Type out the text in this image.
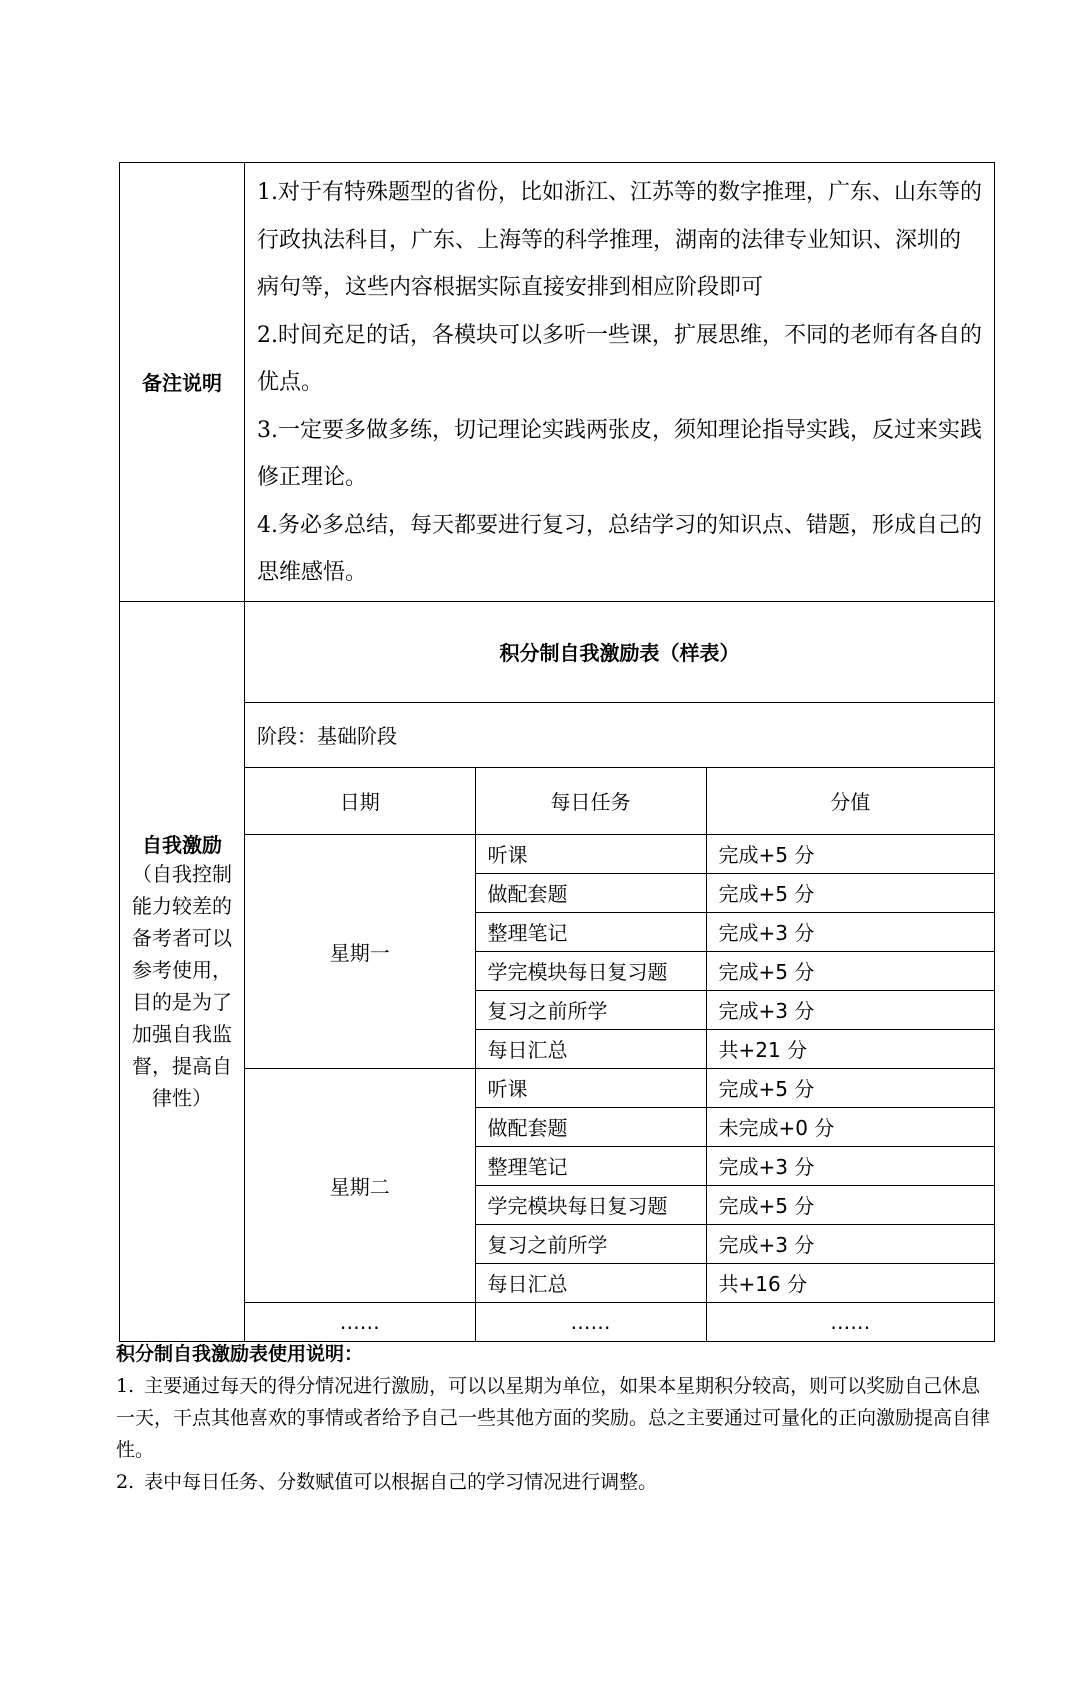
备注说明	

1.对于有特殊题型的省份，比如浙江、江苏等的数字推理，广东、山东等的行政执法科目，广东、上海等的科学推理，湖南的法律专业知识、深圳的病句等，这些内容根据实际直接安排到相应阶段即可

2.时间充足的话，各模块可以多听一些课，扩展思维，不同的老师有各自的优点。

3.一定要多做多练，切记理论实践两张皮，须知理论指导实践，反过来实践修正理论。

4.务必多总结，每天都要进行复习，总结学习的知识点、错题，形成自己的思维感悟。

自我激励
（自我控制能力较差的备考者可以参考使用，目的是为了加强自我监督，提高自律性）

积分制自我激励表（样表）
阶段：基础阶段
日期	每日任务	分值
星期一	听课	完成+5 分
做配套题	完成+5 分
整理笔记	完成+3 分
学完模块每日复习题	完成+5 分
复习之前所学	完成+3 分
每日汇总	共+21 分
星期二	听课	完成+5 分
做配套题	未完成+0 分
整理笔记	完成+3 分
学完模块每日复习题	完成+5 分
复习之前所学	完成+3 分
每日汇总	共+16 分
……	……	……

积分制自我激励表使用说明：

1. 主要通过每天的得分情况进行激励，可以以星期为单位，如果本星期积分较高，则可以奖励自己休息一天，干点其他喜欢的事情或者给予自己一些其他方面的奖励。总之主要通过可量化的正向激励提高自律性。

2. 表中每日任务、分数赋值可以根据自己的学习情况进行调整。
